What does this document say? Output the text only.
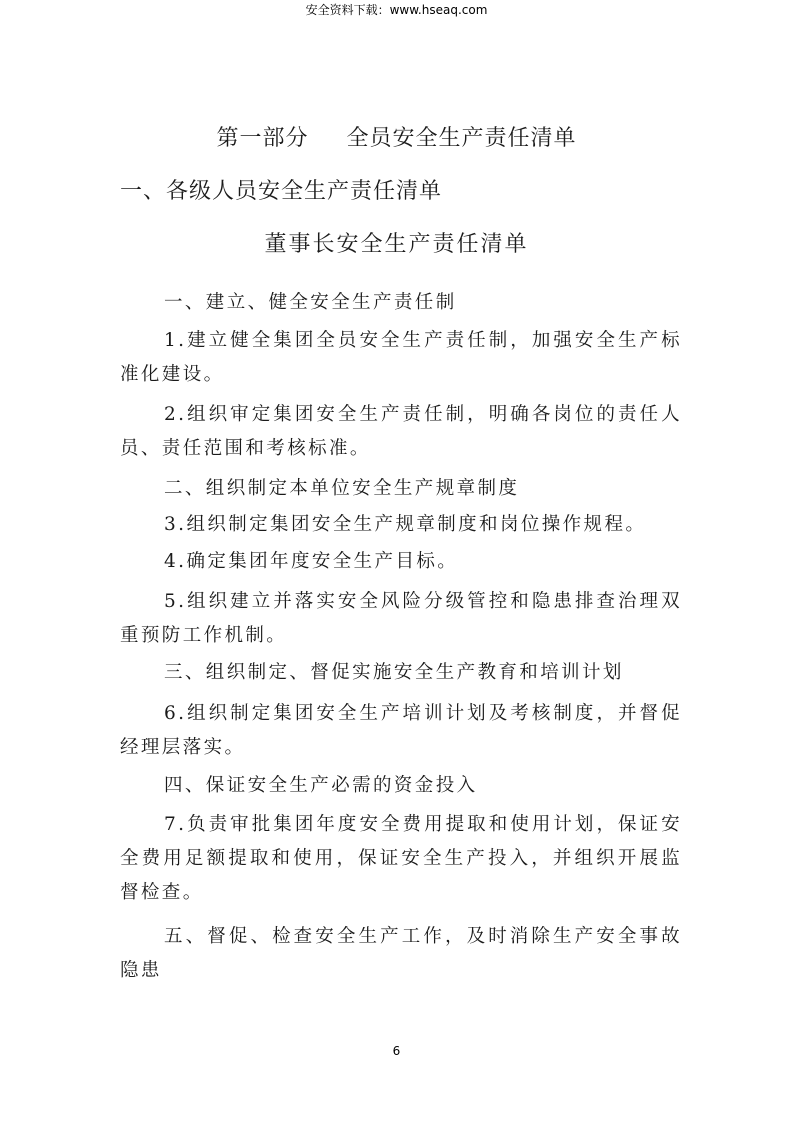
安全资料下载：www.hseaq.com
第一部分 全员安全生产责任清单
一、各级人员安全生产责任清单
董事长安全生产责任清单
一、建立、健全安全生产责任制
1.建立健全集团全员安全生产责任制，加强安全生产标准化建设。
2.组织审定集团安全生产责任制，明确各岗位的责任人员、责任范围和考核标准。
二、组织制定本单位安全生产规章制度
3.组织制定集团安全生产规章制度和岗位操作规程。
4.确定集团年度安全生产目标。
5.组织建立并落实安全风险分级管控和隐患排查治理双重预防工作机制。
三、组织制定、督促实施安全生产教育和培训计划
6.组织制定集团安全生产培训计划及考核制度，并督促经理层落实。
四、保证安全生产必需的资金投入
7.负责审批集团年度安全费用提取和使用计划，保证安全费用足额提取和使用，保证安全生产投入，并组织开展监督检查。
五、督促、检查安全生产工作，及时消除生产安全事故隐患
6
